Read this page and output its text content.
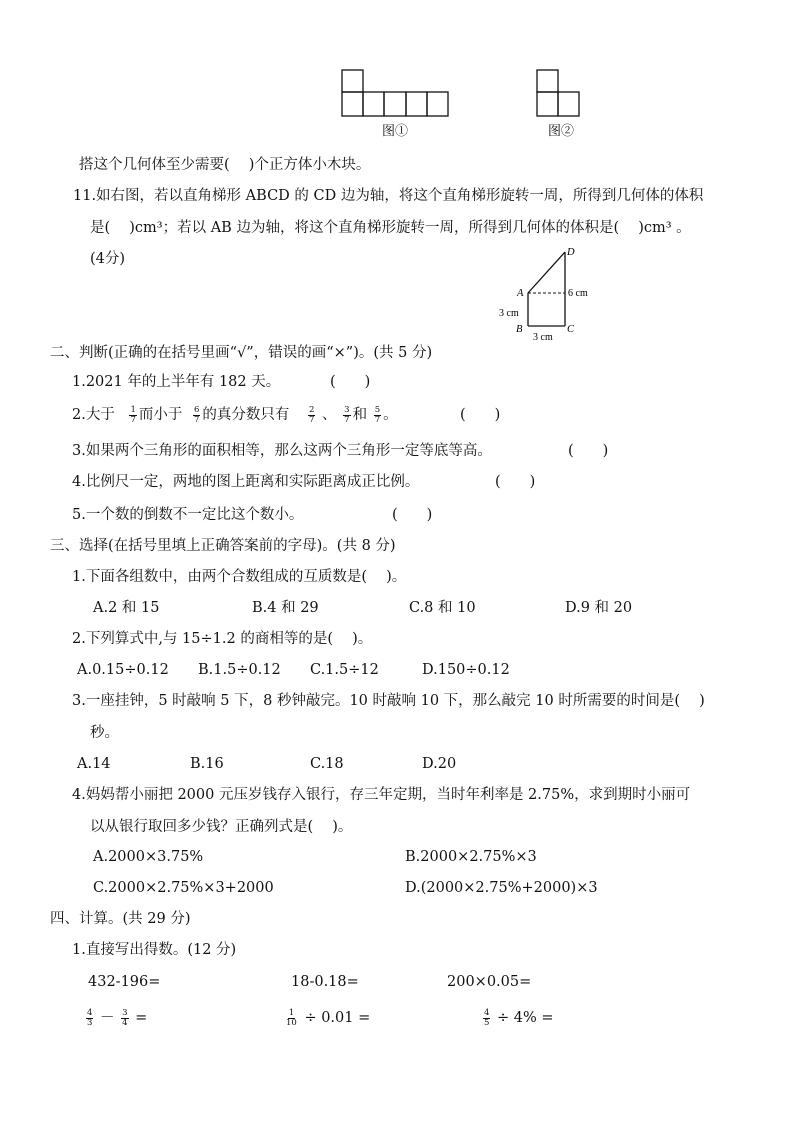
图①	图②
搭这个几何体至少需要(　 )个正方体小木块。
11.如右图，若以直角梯形 ABCD 的 CD 边为轴，将这个直角梯形旋转一周，所得到几何体的体积
是(　 )cm³；若以 AB 边为轴，将这个直角梯形旋转一周，所得到几何体的体积是(　 )cm³ 。
(4分)	D
A
B	C
6 cm
3 cm
3 cm
二、判断(正确的在括号里画“√”，错误的画“×”)。(共 5 分)
1.2021 年的上半年有 182 天。	(　　)
2.大于 $\frac{1}{7}$ 而小于 $\frac{6}{7}$ 的真分数只有 $\frac{2}{7}$ 、 $\frac{3}{7}$ 和 $\frac{5}{7}$ 。	(　　)
3.如果两个三角形的面积相等，那么这两个三角形一定等底等高。	(　　)
4.比例尺一定，两地的图上距离和实际距离成正比例。	(　　)
5.一个数的倒数不一定比这个数小。	(　　)
三、选择(在括号里填上正确答案前的字母)。(共 8 分)
1.下面各组数中，由两个合数组成的互质数是(　 )。
A.2 和 15	B.4 和 29	C.8 和 10	D.9 和 20
2.下列算式中,与 15÷1.2 的商相等的是(　 )。
A.0.15÷0.12 B.1.5÷0.12 C.1.5÷12	D.150÷0.12
3.一座挂钟，5 时敲响 5 下，8 秒钟敲完。10 时敲响 10 下，那么敲完 10 时所需要的时间是(　 )
秒。
A.14	B.16	C.18	D.20
4.妈妈帮小丽把 2000 元压岁钱存入银行，存三年定期，当时年利率是 2.75%，求到期时小丽可
以从银行取回多少钱？正确列式是(　 )。
A.2000×3.75%	B.2000×2.75%×3
C.2000×2.75%×3+2000	D.(2000×2.75%+2000)×3
四、计算。(共 29 分)
1.直接写出得数。(12 分)
432-196=	18-0.18=	200×0.05=
$\frac{4}{3} - \frac{3}{4}$ =	$\frac{1}{10} \div 0.01$ =	$\frac{4}{5} \div 4\%$ =
